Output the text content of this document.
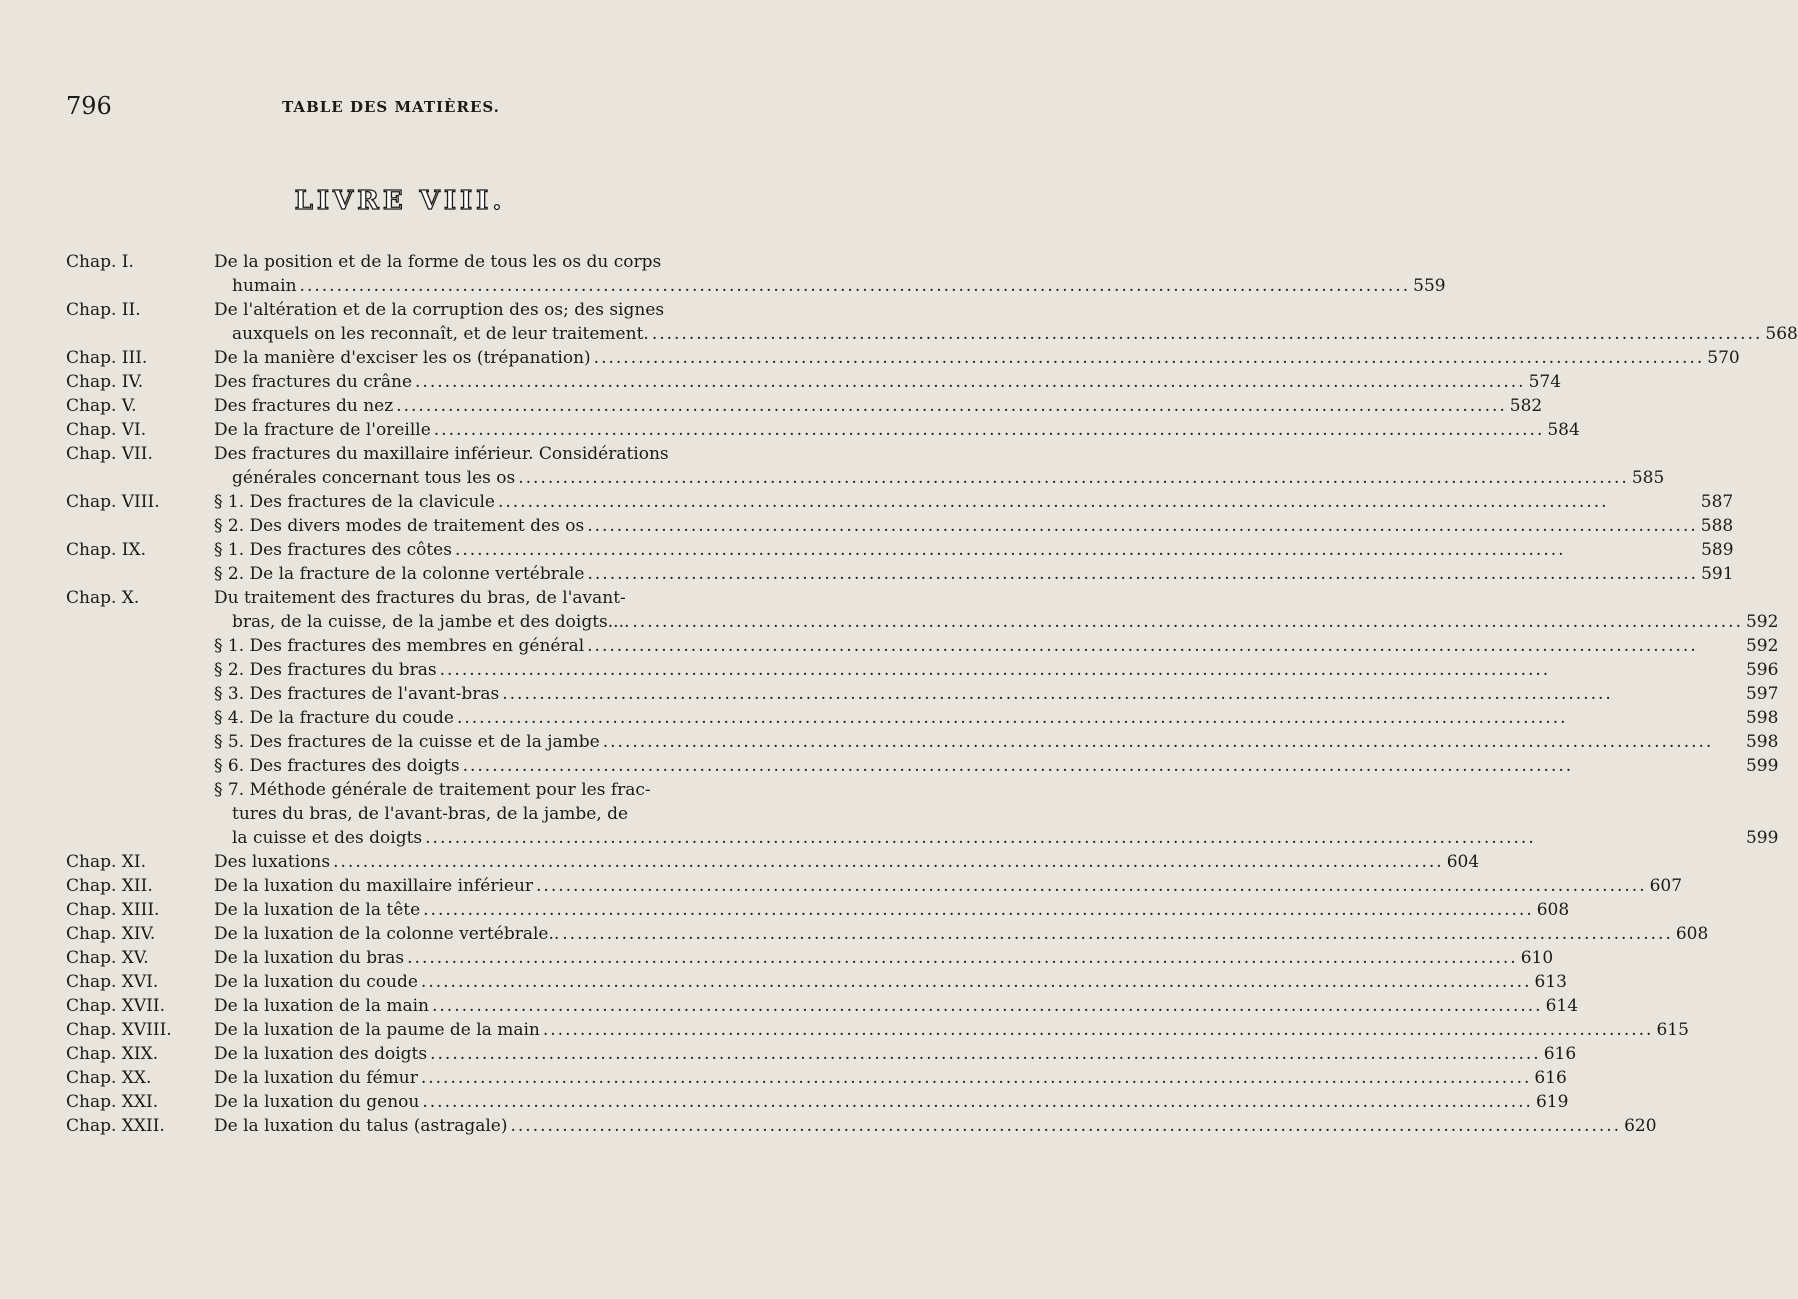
796	TABLE DES MATIÈRES.
LIVRE VIII.
Chap. I.	De la position et de la forme de tous les os du corps
humain .....	559
Chap. II.	De l'altération et de la corruption des os; des signes
auxquels on les reconnaît, et de leur traitement. .....	568
Chap. III.	De la manière d'exciser les os (trépanation) .....	570
Chap. IV.	Des fractures du crâne .....	574
Chap. V.	Des fractures du nez .....	582
Chap. VI.	De la fracture de l'oreille .....	584
Chap. VII.	Des fractures du maxillaire inférieur. Considérations
générales concernant tous les os .....	585
Chap. VIII.	§ 1. Des fractures de la clavicule .....	587
§ 2. Des divers modes de traitement des os .....	588
Chap. IX.	§ 1. Des fractures des côtes .....	589
§ 2. De la fracture de la colonne vertébrale .....	591
Chap. X.	Du traitement des fractures du bras, de l'avant-
bras, de la cuisse, de la jambe et des doigts.... .....	592
§ 1. Des fractures des membres en général .....	592
§ 2. Des fractures du bras .....	596
§ 3. Des fractures de l'avant-bras .....	597
§ 4. De la fracture du coude .....	598
§ 5. Des fractures de la cuisse et de la jambe .....	598
§ 6. Des fractures des doigts .....	599
§ 7. Méthode générale de traitement pour les frac-
tures du bras, de l'avant-bras, de la jambe, de
la cuisse et des doigts .....	599
Chap. XI.	Des luxations .....	604
Chap. XII.	De la luxation du maxillaire inférieur .....	607
Chap. XIII.	De la luxation de la tête .....	608
Chap. XIV.	De la luxation de la colonne vertébrale.. .....	608
Chap. XV.	De la luxation du bras .....	610
Chap. XVI.	De la luxation du coude .....	613
Chap. XVII.	De la luxation de la main .....	614
Chap. XVIII.	De la luxation de la paume de la main .....	615
Chap. XIX.	De la luxation des doigts .....	616
Chap. XX.	De la luxation du fémur .....	616
Chap. XXI.	De la luxation du genou .....	619
Chap. XXII.	De la luxation du talus (astragale) .....	620
